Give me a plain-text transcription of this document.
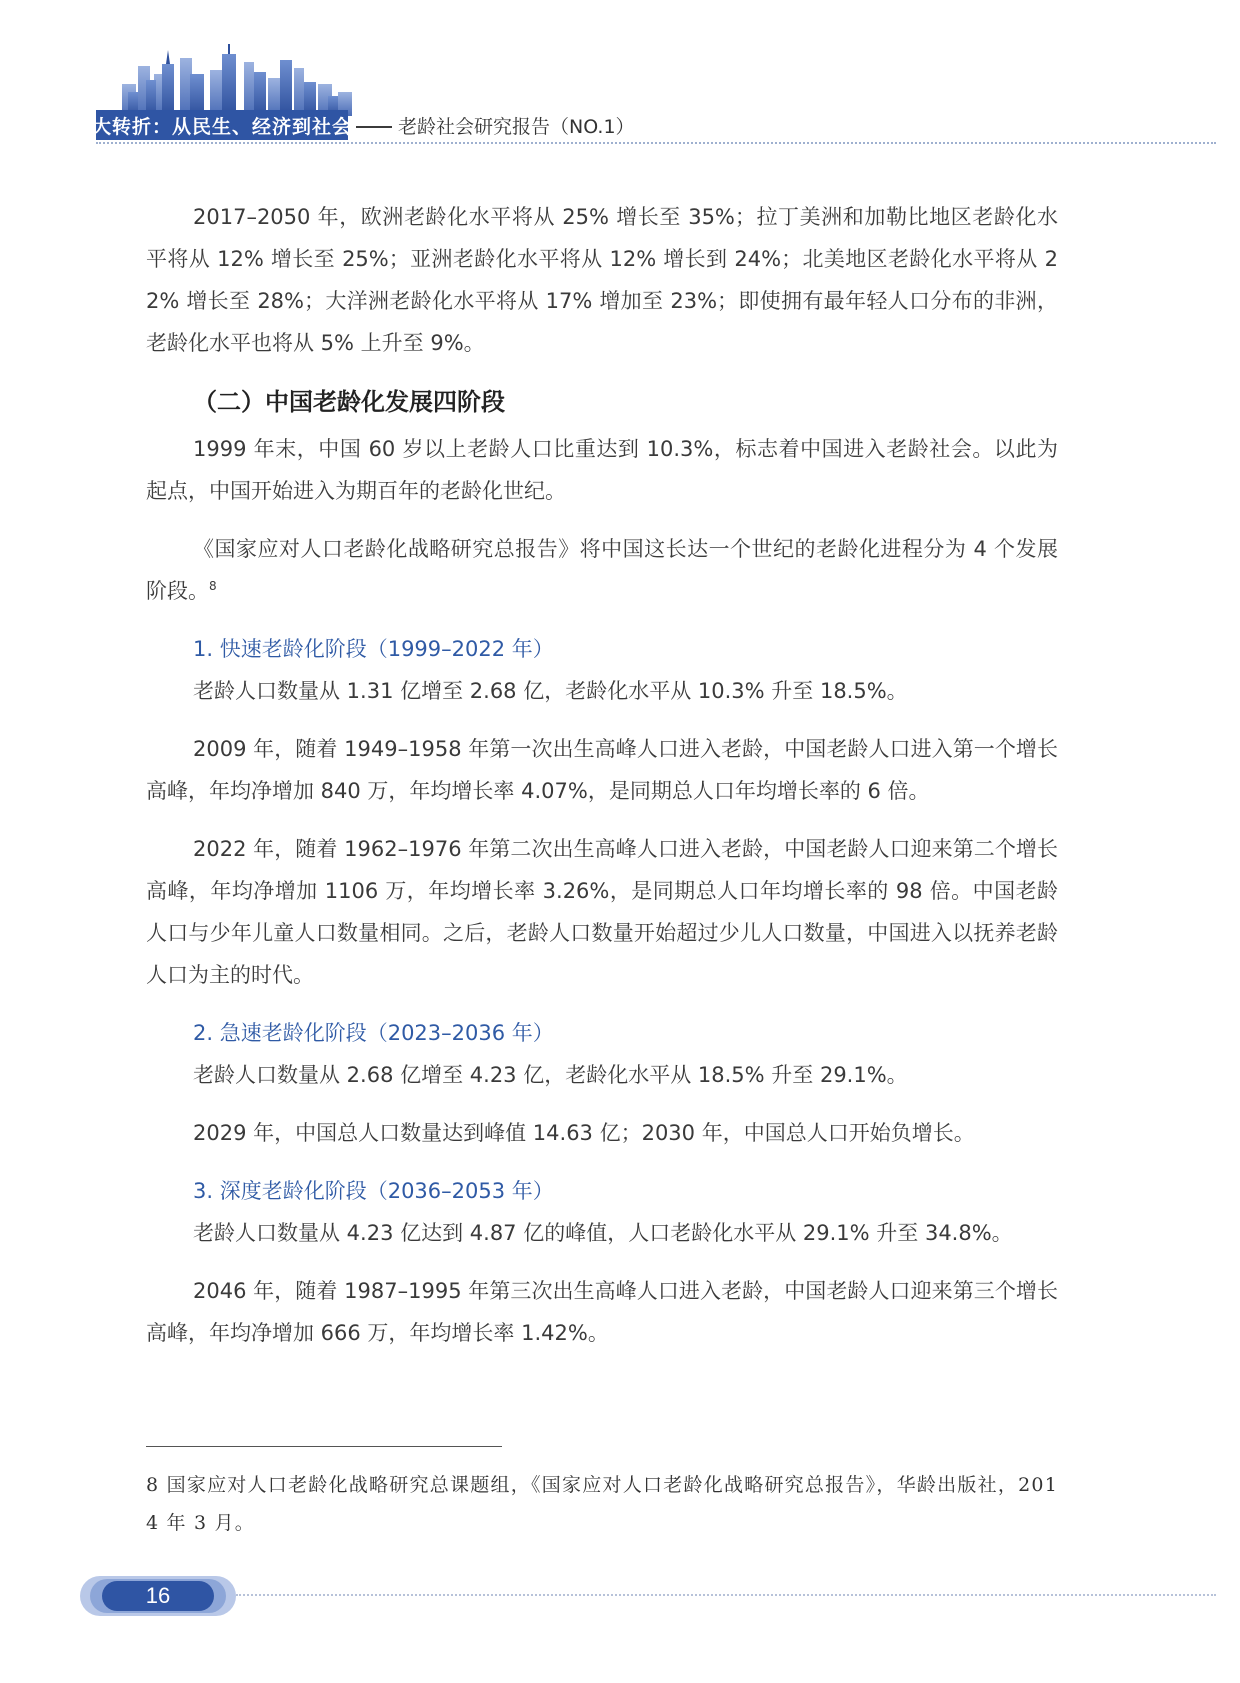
大转折：从民生、经济到社会 老龄社会研究报告（NO.1）

2017–2050 年，欧洲老龄化水平将从 25% 增长至 35%；拉丁美洲和加勒比地区老龄化水平将从 12% 增长至 25%；亚洲老龄化水平将从 12% 增长到 24%；北美地区老龄化水平将从 22% 增长至 28%；大洋洲老龄化水平将从 17% 增加至 23%；即使拥有最年轻人口分布的非洲，老龄化水平也将从 5% 上升至 9%。

（二）中国老龄化发展四阶段

1999 年末，中国 60 岁以上老龄人口比重达到 10.3%，标志着中国进入老龄社会。以此为起点，中国开始进入为期百年的老龄化世纪。

《国家应对人口老龄化战略研究总报告》将中国这长达一个世纪的老龄化进程分为 4 个发展阶段。$^8$

1. 快速老龄化阶段（1999–2022 年）

老龄人口数量从 1.31 亿增至 2.68 亿，老龄化水平从 10.3% 升至 18.5%。

2009 年，随着 1949–1958 年第一次出生高峰人口进入老龄，中国老龄人口进入第一个增长高峰，年均净增加 840 万，年均增长率 4.07%，是同期总人口年均增长率的 6 倍。

2022 年，随着 1962–1976 年第二次出生高峰人口进入老龄，中国老龄人口迎来第二个增长高峰，年均净增加 1106 万，年均增长率 3.26%，是同期总人口年均增长率的 98 倍。中国老龄人口与少年儿童人口数量相同。之后，老龄人口数量开始超过少儿人口数量，中国进入以抚养老龄人口为主的时代。

2. 急速老龄化阶段（2023–2036 年）

老龄人口数量从 2.68 亿增至 4.23 亿，老龄化水平从 18.5% 升至 29.1%。

2029 年，中国总人口数量达到峰值 14.63 亿；2030 年，中国总人口开始负增长。

3. 深度老龄化阶段（2036–2053 年）

老龄人口数量从 4.23 亿达到 4.87 亿的峰值，人口老龄化水平从 29.1% 升至 34.8%。

2046 年，随着 1987–1995 年第三次出生高峰人口进入老龄，中国老龄人口迎来第三个增长高峰，年均净增加 666 万，年均增长率 1.42%。

8 国家应对人口老龄化战略研究总课题组，《国家应对人口老龄化战略研究总报告》，华龄出版社，2014 年 3 月。
16
